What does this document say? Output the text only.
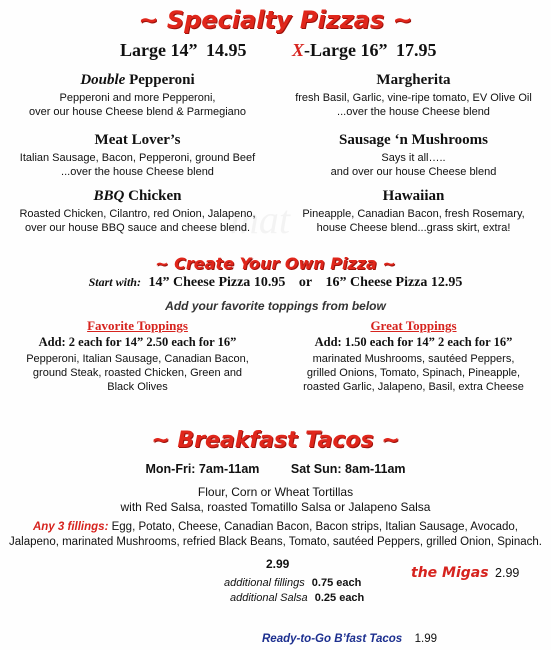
mat
~ Specialty Pizzas ~
Large 14” 14.95	X-Large 16” 17.95
Double Pepperoni
Pepperoni and more Pepperoni,
over our house Cheese blend & Parmegiano
Meat Lover’s
Italian Sausage, Bacon, Pepperoni, ground Beef
...over the house Cheese blend
BBQ Chicken
Roasted Chicken, Cilantro, red Onion, Jalapeno,
over our house BBQ sauce and cheese blend.
Margherita
fresh Basil, Garlic, vine-ripe tomato, EV Olive Oil
...over the house Cheese blend
Sausage ‘n Mushrooms
Says it all…..
and over our house Cheese blend
Hawaiian
Pineapple, Canadian Bacon, fresh Rosemary,
house Cheese blend...grass skirt, extra!
~ Create Your Own Pizza ~
Start with: 14” Cheese Pizza 10.95 or 16” Cheese Pizza 12.95
Add your favorite toppings from below
Favorite Toppings
Add: 2 each for 14” 2.50 each for 16”
Pepperoni, Italian Sausage, Canadian Bacon,
ground Steak, roasted Chicken, Green and
Black Olives
Great Toppings
Add: 1.50 each for 14” 2 each for 16”
marinated Mushrooms, sautéed Peppers,
grilled Onions, Tomato, Spinach, Pineapple,
roasted Garlic, Jalapeno, Basil, extra Cheese
~ Breakfast Tacos ~
Mon-Fri: 7am-11am	Sat Sun: 8am-11am
Flour, Corn or Wheat Tortillas
with Red Salsa, roasted Tomatillo Salsa or Jalapeno Salsa
Any 3 fillings: Egg, Potato, Cheese, Canadian Bacon, Bacon strips, Italian Sausage, Avocado,
Jalapeno, marinated Mushrooms, refried Black Beans, Tomato, sautéed Peppers, grilled Onion, Spinach.
2.99
additional fillings 0.75 each
additional Salsa 0.25 each
the Migas 2.99
Ready-to-Go B’fast Tacos 1.99
